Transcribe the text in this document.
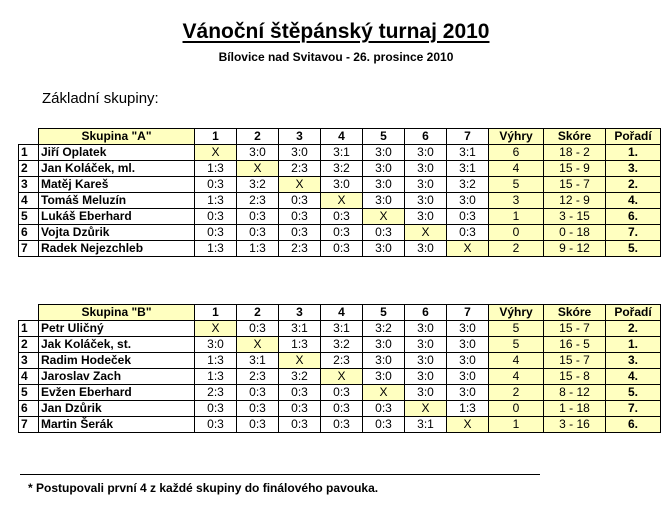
Vánoční štěpánský turnaj 2010
Bílovice nad Svitavou - 26. prosince 2010
Základní skupiny:
	Skupina "A"	1	2	3	4	5	6	7	Výhry	Skóre	Pořadí
1	Jiří Oplatek	X	3:0	3:0	3:1	3:0	3:0	3:1	6	18 - 2	1.
2	Jan Koláček, ml.	1:3	X	2:3	3:2	3:0	3:0	3:1	4	15 - 9	3.
3	Matěj Kareš	0:3	3:2	X	3:0	3:0	3:0	3:2	5	15 - 7	2.
4	Tomáš Meluzín	1:3	2:3	0:3	X	3:0	3:0	3:0	3	12 - 9	4.
5	Lukáš Eberhard	0:3	0:3	0:3	0:3	X	3:0	0:3	1	3 - 15	6.
6	Vojta Dzůrik	0:3	0:3	0:3	0:3	0:3	X	0:3	0	0 - 18	7.
7	Radek Nejezchleb	1:3	1:3	2:3	0:3	3:0	3:0	X	2	9 - 12	5.
	Skupina "B"	1	2	3	4	5	6	7	Výhry	Skóre	Pořadí
1	Petr Uličný	X	0:3	3:1	3:1	3:2	3:0	3:0	5	15 - 7	2.
2	Jak Koláček, st.	3:0	X	1:3	3:2	3:0	3:0	3:0	5	16 - 5	1.
3	Radim Hodeček	1:3	3:1	X	2:3	3:0	3:0	3:0	4	15 - 7	3.
4	Jaroslav Zach	1:3	2:3	3:2	X	3:0	3:0	3:0	4	15 - 8	4.
5	Evžen Eberhard	2:3	0:3	0:3	0:3	X	3:0	3:0	2	8 - 12	5.
6	Jan Dzůrik	0:3	0:3	0:3	0:3	0:3	X	1:3	0	1 - 18	7.
7	Martin Šerák	0:3	0:3	0:3	0:3	0:3	3:1	X	1	3 - 16	6.
* Postupovali první 4 z každé skupiny do finálového pavouka.
